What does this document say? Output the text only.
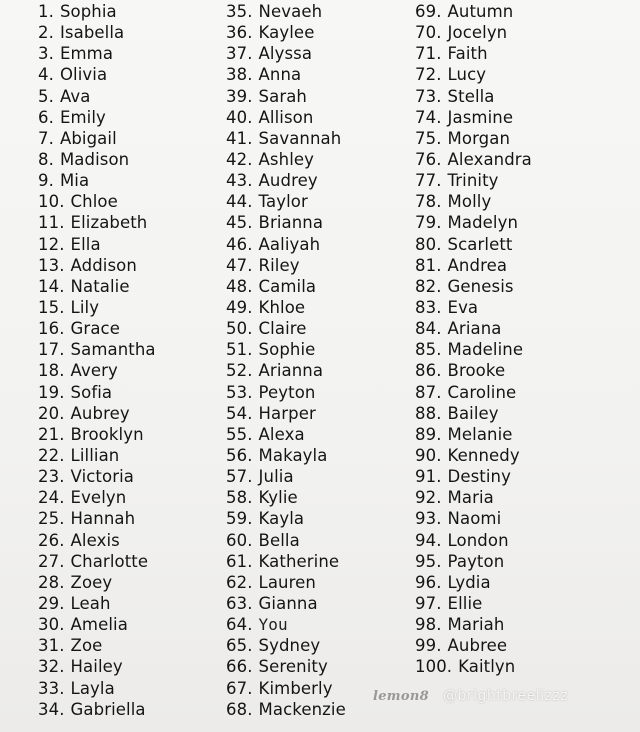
1. Sophia
2. Isabella
3. Emma
4. Olivia
5. Ava
6. Emily
7. Abigail
8. Madison
9. Mia
10. Chloe
11. Elizabeth
12. Ella
13. Addison
14. Natalie
15. Lily
16. Grace
17. Samantha
18. Avery
19. Sofia
20. Aubrey
21. Brooklyn
22. Lillian
23. Victoria
24. Evelyn
25. Hannah
26. Alexis
27. Charlotte
28. Zoey
29. Leah
30. Amelia
31. Zoe
32. Hailey
33. Layla
34. Gabriella
35. Nevaeh
36. Kaylee
37. Alyssa
38. Anna
39. Sarah
40. Allison
41. Savannah
42. Ashley
43. Audrey
44. Taylor
45. Brianna
46. Aaliyah
47. Riley
48. Camila
49. Khloe
50. Claire
51. Sophie
52. Arianna
53. Peyton
54. Harper
55. Alexa
56. Makayla
57. Julia
58. Kylie
59. Kayla
60. Bella
61. Katherine
62. Lauren
63. Gianna
64. You
65. Sydney
66. Serenity
67. Kimberly
68. Mackenzie
69. Autumn
70. Jocelyn
71. Faith
72. Lucy
73. Stella
74. Jasmine
75. Morgan
76. Alexandra
77. Trinity
78. Molly
79. Madelyn
80. Scarlett
81. Andrea
82. Genesis
83. Eva
84. Ariana
85. Madeline
86. Brooke
87. Caroline
88. Bailey
89. Melanie
90. Kennedy
91. Destiny
92. Maria
93. Naomi
94. London
95. Payton
96. Lydia
97. Ellie
98. Mariah
99. Aubree
100. Kaitlyn
lemon8 @brightbreelizzz
